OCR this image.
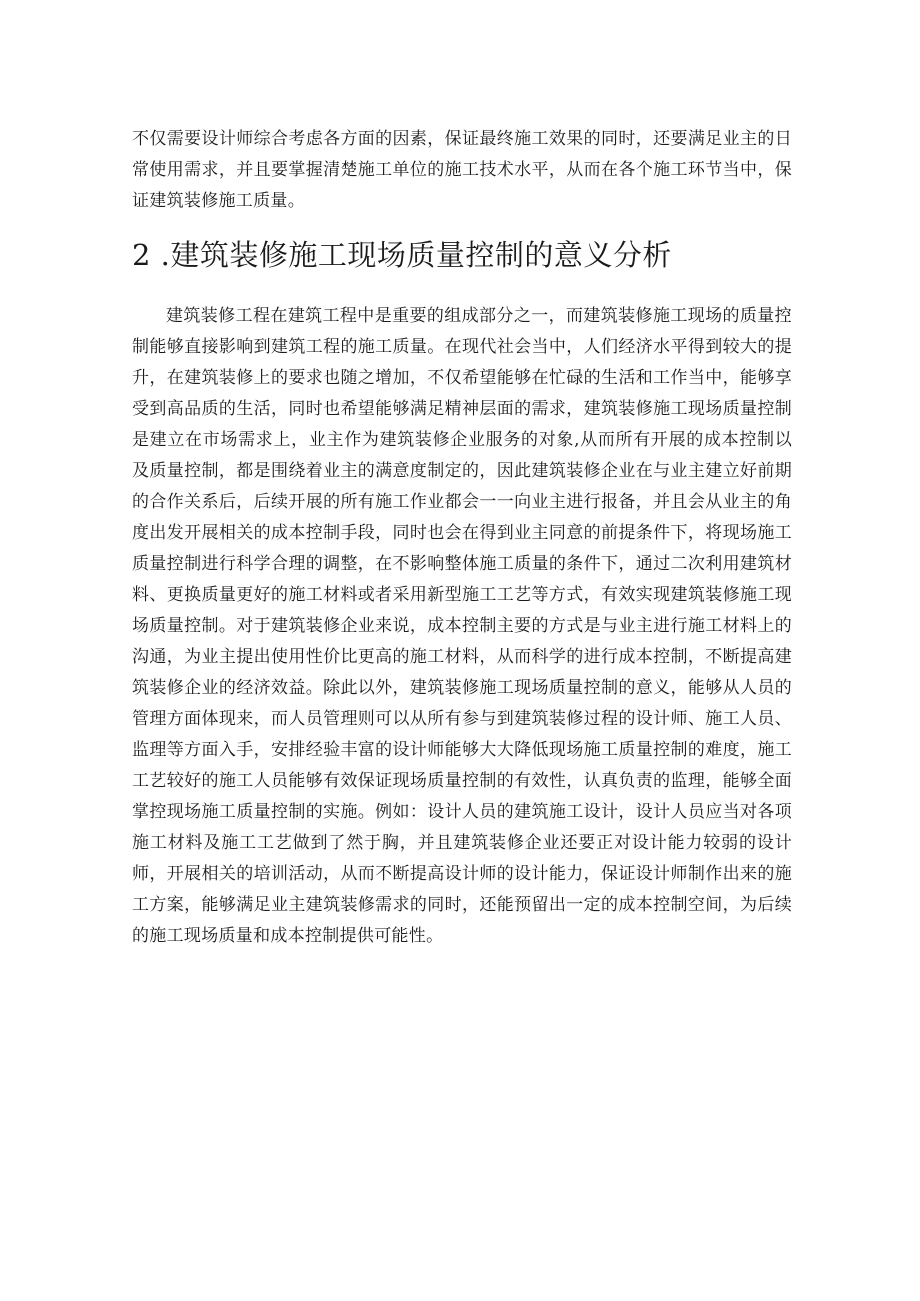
不仅需要设计师综合考虑各方面的因素，保证最终施工效果的同时，还要满足业主的日常使用需求，并且要掌握清楚施工单位的施工技术水平，从而在各个施工环节当中，保证建筑装修施工质量。

2 .建筑装修施工现场质量控制的意义分析

建筑装修工程在建筑工程中是重要的组成部分之一，而建筑装修施工现场的质量控制能够直接影响到建筑工程的施工质量。在现代社会当中，人们经济水平得到较大的提升，在建筑装修上的要求也随之增加，不仅希望能够在忙碌的生活和工作当中，能够享受到高品质的生活，同时也希望能够满足精神层面的需求，建筑装修施工现场质量控制是建立在市场需求上，业主作为建筑装修企业服务的对象,从而所有开展的成本控制以及质量控制，都是围绕着业主的满意度制定的，因此建筑装修企业在与业主建立好前期的合作关系后，后续开展的所有施工作业都会一一向业主进行报备，并且会从业主的角度出发开展相关的成本控制手段，同时也会在得到业主同意的前提条件下，将现场施工质量控制进行科学合理的调整，在不影响整体施工质量的条件下，通过二次利用建筑材料、更换质量更好的施工材料或者采用新型施工工艺等方式，有效实现建筑装修施工现场质量控制。对于建筑装修企业来说，成本控制主要的方式是与业主进行施工材料上的沟通，为业主提出使用性价比更高的施工材料，从而科学的进行成本控制，不断提高建筑装修企业的经济效益。除此以外，建筑装修施工现场质量控制的意义，能够从人员的管理方面体现来，而人员管理则可以从所有参与到建筑装修过程的设计师、施工人员、监理等方面入手，安排经验丰富的设计师能够大大降低现场施工质量控制的难度，施工工艺较好的施工人员能够有效保证现场质量控制的有效性，认真负责的监理，能够全面掌控现场施工质量控制的实施。例如：设计人员的建筑施工设计，设计人员应当对各项施工材料及施工工艺做到了然于胸，并且建筑装修企业还要正对设计能力较弱的设计师，开展相关的培训活动，从而不断提高设计师的设计能力，保证设计师制作出来的施工方案，能够满足业主建筑装修需求的同时，还能预留出一定的成本控制空间，为后续的施工现场质量和成本控制提供可能性。
